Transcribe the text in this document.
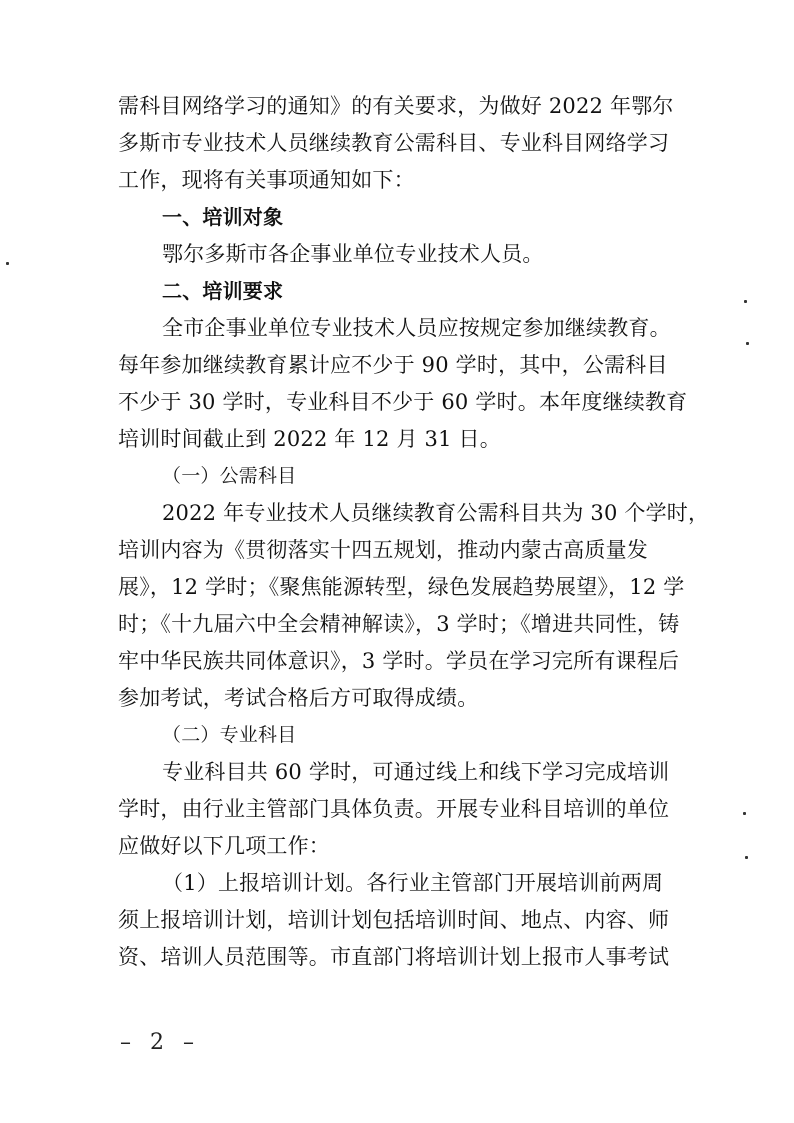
需科目网络学习的通知》的有关要求，为做好 2022 年鄂尔
多斯市专业技术人员继续教育公需科目、专业科目网络学习
工作，现将有关事项通知如下：
一、培训对象
鄂尔多斯市各企事业单位专业技术人员。
二、培训要求
全市企事业单位专业技术人员应按规定参加继续教育。
每年参加继续教育累计应不少于 90 学时，其中，公需科目
不少于 30 学时，专业科目不少于 60 学时。本年度继续教育
培训时间截止到 2022 年 12 月 31 日。
（一）公需科目
2022 年专业技术人员继续教育公需科目共为 30 个学时，
培训内容为《贯彻落实十四五规划，推动内蒙古高质量发
展》，12 学时；《聚焦能源转型，绿色发展趋势展望》，12 学
时；《十九届六中全会精神解读》，3 学时；《增进共同性，铸
牢中华民族共同体意识》，3 学时。学员在学习完所有课程后
参加考试，考试合格后方可取得成绩。
（二）专业科目
专业科目共 60 学时，可通过线上和线下学习完成培训
学时，由行业主管部门具体负责。开展专业科目培训的单位
应做好以下几项工作：
（1）上报培训计划。各行业主管部门开展培训前两周
须上报培训计划，培训计划包括培训时间、地点、内容、师
资、培训人员范围等。市直部门将培训计划上报市人事考试
– 2 –
